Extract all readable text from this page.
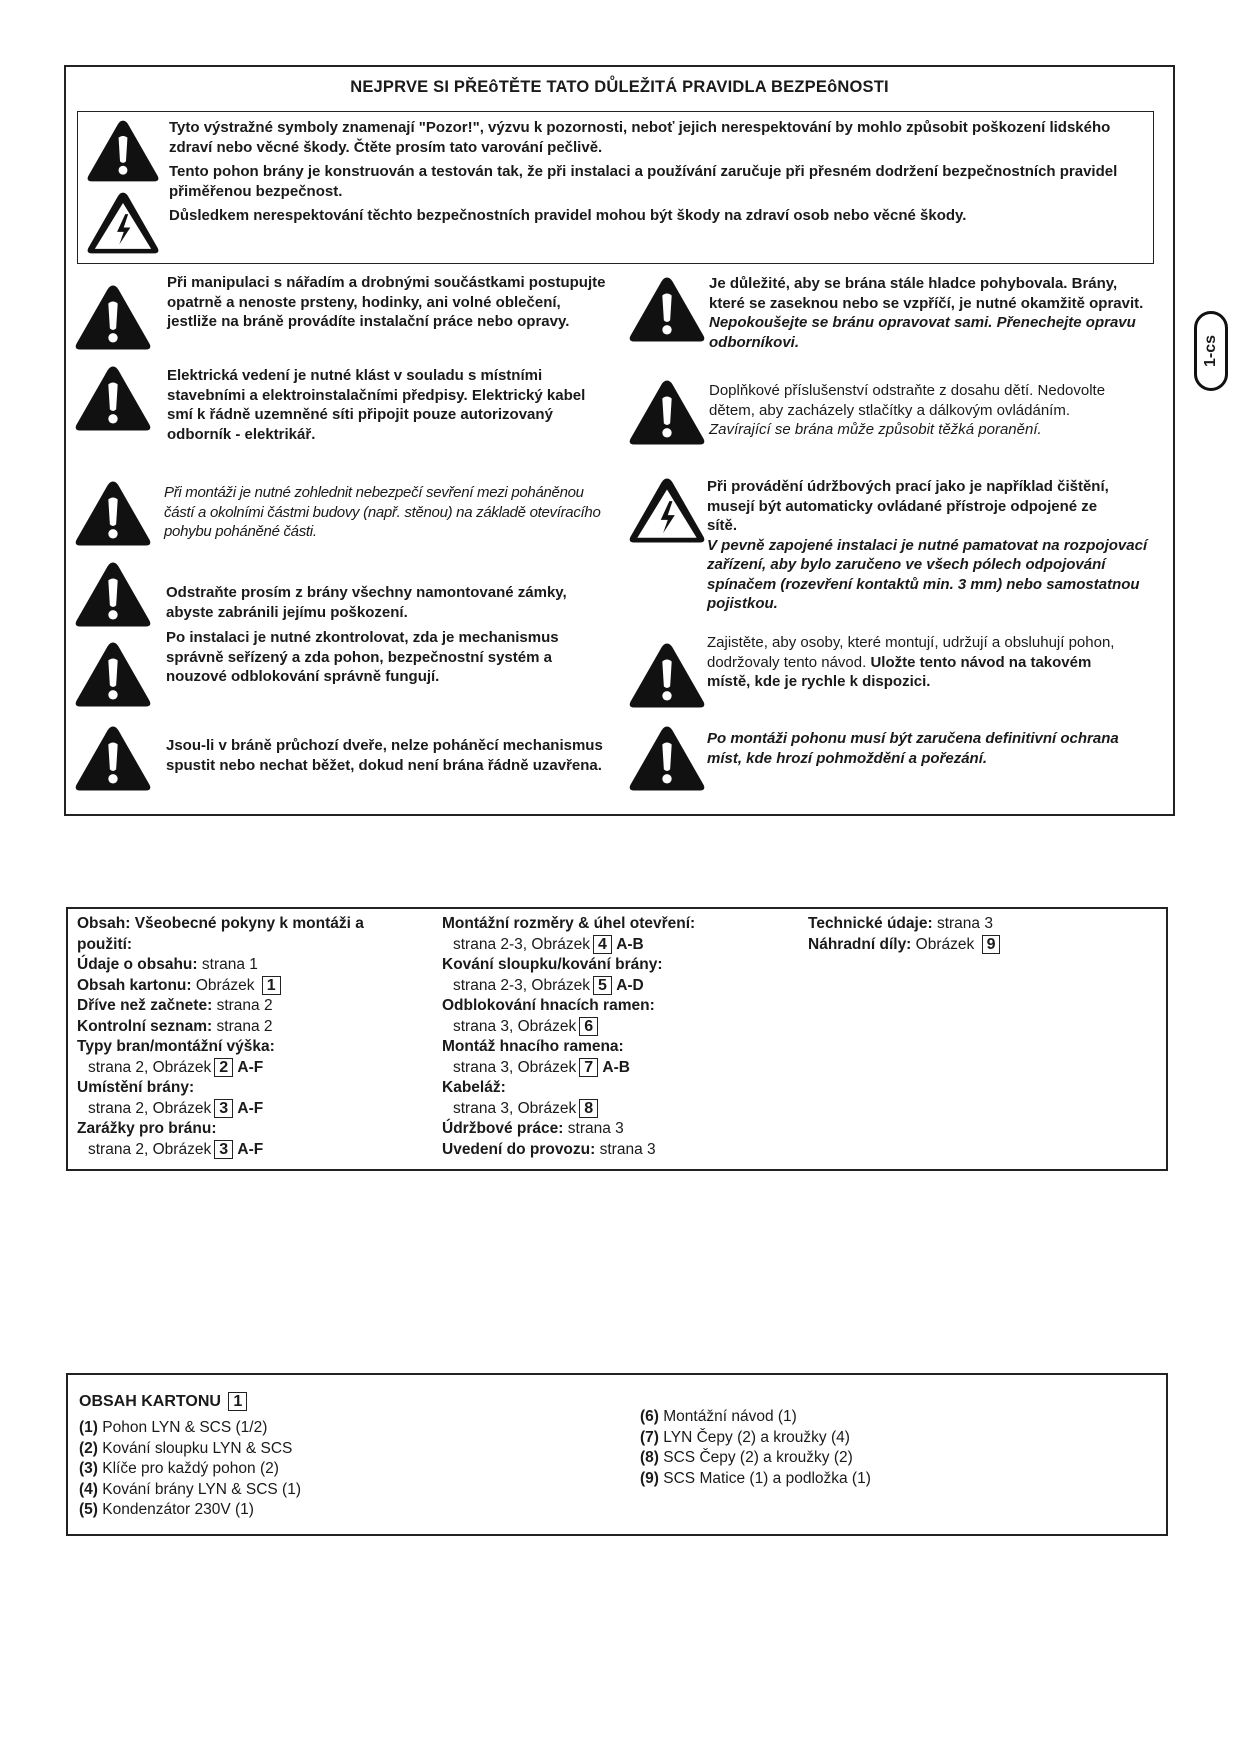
NEJPRVE SI PŘEôTĚTE TATO DŮLEŽITÁ PRAVIDLA BEZPEôNOSTI
Tyto výstražné symboly znamenají "Pozor!", výzvu k pozornosti, neboť jejich nerespektování by mohlo způsobit poškození lidského zdraví nebo věcné škody. Čtěte prosím tato varování pečlivě.
Tento pohon brány je konstruován a testován tak, že při instalaci a používání zaručuje při přesném dodržení bezpečnostních pravidel přiměřenou bezpečnost.
Důsledkem nerespektování těchto bezpečnostních pravidel mohou být škody na zdraví osob nebo věcné škody.
Při manipulaci s nářadím a drobnými součástkami postupujte opatrně a nenoste prsteny, hodinky, ani volné oblečení, jestliže na bráně provádíte instalační práce nebo opravy.
Elektrická vedení je nutné klást v souladu s místními stavebními a elektroinstalačními předpisy. Elektrický kabel smí k řádně uzemněné síti připojit pouze autorizovaný odborník - elektrikář.
Při montáži je nutné zohlednit nebezpečí sevření mezi poháněnou částí a okolními částmi budovy (např. stěnou) na základě otevíracího pohybu poháněné části.
Odstraňte prosím z brány všechny namontované zámky, abyste zabránili jejímu poškození.
Po instalaci je nutné zkontrolovat, zda je mechanismus správně seřízený a zda pohon, bezpečnostní systém a nouzové odblokování správně fungují.
Jsou-li v bráně průchozí dveře, nelze poháněcí mechanismus spustit nebo nechat běžet, dokud není brána řádně uzavřena.
Je důležité, aby se brána stále hladce pohybovala. Brány, které se zaseknou nebo se vzpříčí, je nutné okamžitě opravit.
Nepokoušejte se bránu opravovat sami. Přenechejte opravu odborníkovi.
Doplňkové příslušenství odstraňte z dosahu dětí. Nedovolte dětem, aby zacházely stlačítky a dálkovým ovládáním. Zavírající se brána může způsobit těžká poranění.
Při provádění údržbových prací jako je například čištění, musejí být automaticky ovládané přístroje odpojené ze sítě.
V pevně zapojené instalaci je nutné pamatovat na rozpojovací zařízení, aby bylo zaručeno ve všech pólech odpojování spínačem (rozevření kontaktů min. 3 mm) nebo samostatnou pojistkou.
Zajistěte, aby osoby, které montují, udržují a obsluhují pohon, dodržovaly tento návod. Uložte tento návod na takovém místě, kde je rychle k dispozici.
Po montáži pohonu musí být zaručena definitivní ochrana míst, kde hrozí pohmoždění a pořezání.
1-cs
Obsah: Všeobecné pokyny k montáži a
použití:
Údaje o obsahu: strana 1
Obsah kartonu: Obrázek 1
Dříve než začnete: strana 2
Kontrolní seznam: strana 2
Typy bran/montážní výška:
strana 2, Obrázek 2 A-F
Umístění brány:
strana 2, Obrázek 3 A-F
Zarážky pro bránu:
strana 2, Obrázek 3 A-F
Montážní rozměry & úhel otevření:
strana 2-3, Obrázek 4 A-B
Kování sloupku/kování brány:
strana 2-3, Obrázek 5 A-D
Odblokování hnacích ramen:
strana 3, Obrázek 6
Montáž hnacího ramena:
strana 3, Obrázek 7 A-B
Kabeláž:
strana 3, Obrázek 8
Údržbové práce: strana 3
Uvedení do provozu: strana 3
Technické údaje: strana 3
Náhradní díly: Obrázek 9
OBSAH KARTONU 1
(1) Pohon LYN & SCS (1/2)
(2) Kování sloupku LYN & SCS
(3) Klíče pro každý pohon (2)
(4) Kování brány LYN & SCS (1)
(5) Kondenzátor 230V (1)
(6) Montážní návod (1)
(7) LYN Čepy (2) a kroužky (4)
(8) SCS Čepy (2) a kroužky (2)
(9) SCS Matice (1) a podložka (1)
